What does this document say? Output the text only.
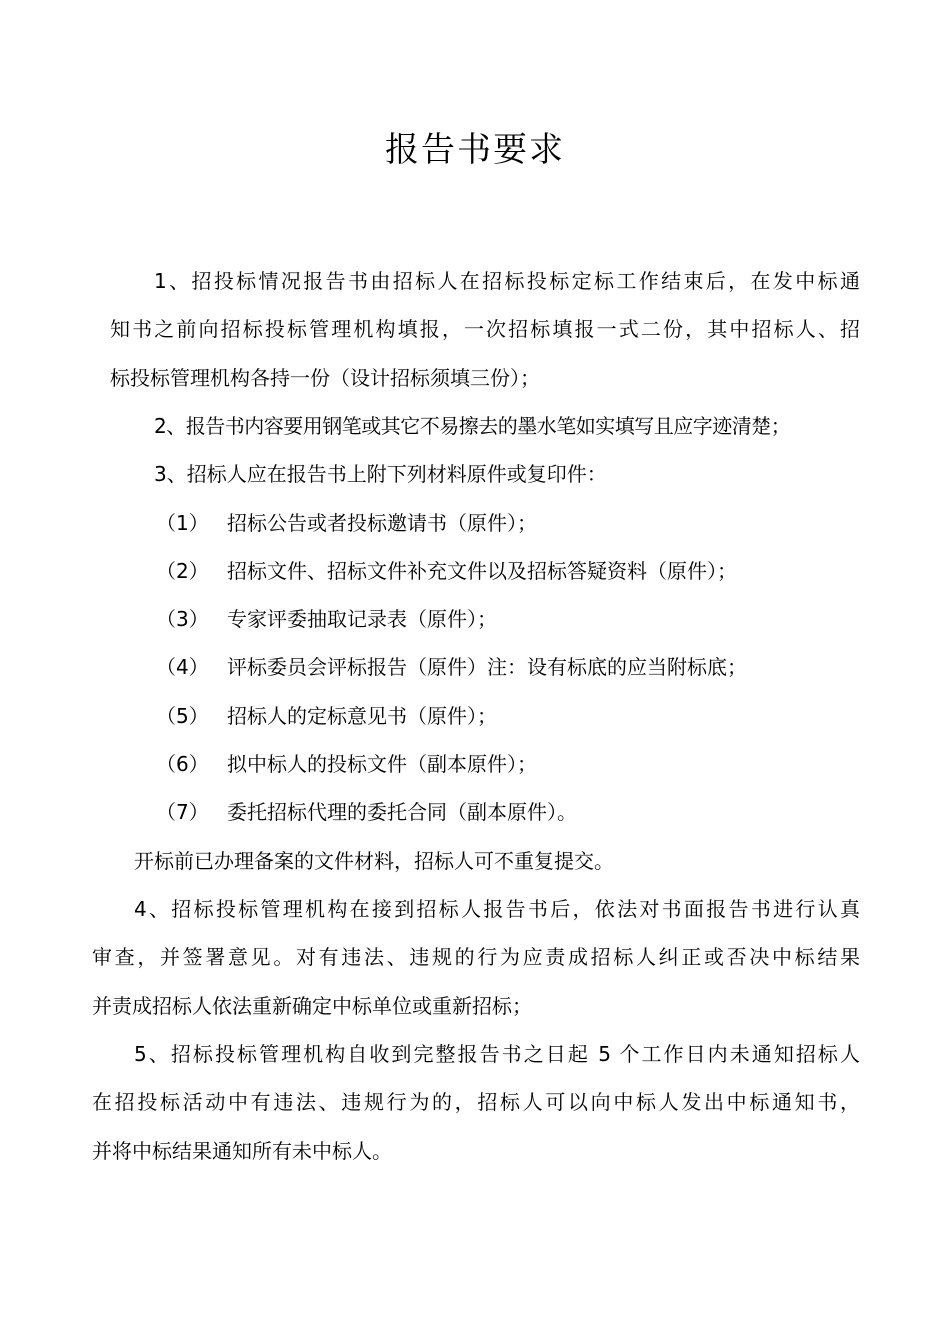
报告书要求
1、招投标情况报告书由招标人在招标投标定标工作结束后，在发中标通
知书之前向招标投标管理机构填报，一次招标填报一式二份，其中招标人、招
标投标管理机构各持一份（设计招标须填三份）；
2、报告书内容要用钢笔或其它不易擦去的墨水笔如实填写且应字迹清楚；
3、招标人应在报告书上附下列材料原件或复印件：
（1） 招标公告或者投标邀请书（原件）；
（2） 招标文件、招标文件补充文件以及招标答疑资料（原件）；
（3） 专家评委抽取记录表（原件）；
（4） 评标委员会评标报告（原件）注：设有标底的应当附标底；
（5） 招标人的定标意见书（原件）；
（6） 拟中标人的投标文件（副本原件）；
（7） 委托招标代理的委托合同（副本原件）。
开标前已办理备案的文件材料，招标人可不重复提交。
4、招标投标管理机构在接到招标人报告书后，依法对书面报告书进行认真
审查，并签署意见。对有违法、违规的行为应责成招标人纠正或否决中标结果
并责成招标人依法重新确定中标单位或重新招标；
5、招标投标管理机构自收到完整报告书之日起 5 个工作日内未通知招标人
在招投标活动中有违法、违规行为的，招标人可以向中标人发出中标通知书，
并将中标结果通知所有未中标人。
